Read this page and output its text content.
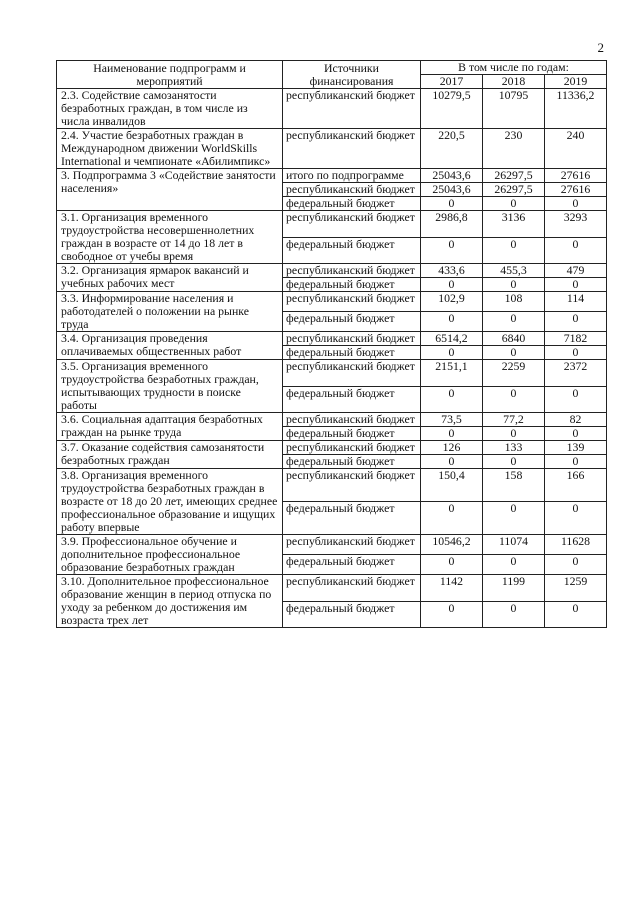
2
Наименование подпрограмм и мероприятий	Источники финансирования	В том числе по годам:		
		2017	2018	2019
2.3. Содействие самозанятости безработных граждан, в том числе из числа инвалидов	республиканский бюджет	10279,5	10795	11336,2
2.4. Участие безработных граждан в Международном движении WorldSkills International и чемпионате «Абилимпикс»	республиканский бюджет	220,5	230	240
3. Подпрограмма 3 «Содействие занятости населения»	итого по подпрограмме	25043,6	26297,5	27616
	республиканский бюджет	25043,6	26297,5	27616
	федеральный бюджет	0	0	0
3.1. Организация временного трудоустройства несовершеннолетних граждан в возрасте от 14 до 18 лет в свободное от учебы время	республиканский бюджет	2986,8	3136	3293
	федеральный бюджет	0	0	0
3.2. Организация ярмарок вакансий и учебных рабочих мест	республиканский бюджет	433,6	455,3	479
	федеральный бюджет	0	0	0
3.3. Информирование населения и работодателей о положении на рынке труда	республиканский бюджет	102,9	108	114
	федеральный бюджет	0	0	0
3.4. Организация проведения оплачиваемых общественных работ	республиканский бюджет	6514,2	6840	7182
	федеральный бюджет	0	0	0
3.5. Организация временного трудоустройства безработных граждан, испытывающих трудности в поиске работы	республиканский бюджет	2151,1	2259	2372
	федеральный бюджет	0	0	0
3.6. Социальная адаптация безработных граждан на рынке труда	республиканский бюджет	73,5	77,2	82
	федеральный бюджет	0	0	0
3.7. Оказание содействия самозанятости безработных граждан	республиканский бюджет	126	133	139
	федеральный бюджет	0	0	0
3.8. Организация временного трудоустройства безработных граждан в возрасте от 18 до 20 лет, имеющих среднее профессиональное образование и ищущих работу впервые	республиканский бюджет	150,4	158	166
	федеральный бюджет	0	0	0
3.9. Профессиональное обучение и дополнительное профессиональное образование безработных граждан	республиканский бюджет	10546,2	11074	11628
	федеральный бюджет	0	0	0
3.10. Дополнительное профессиональное образование женщин в период отпуска по уходу за ребенком до достижения им возраста трех лет	республиканский бюджет	1142	1199	1259
	федеральный бюджет	0	0	0
